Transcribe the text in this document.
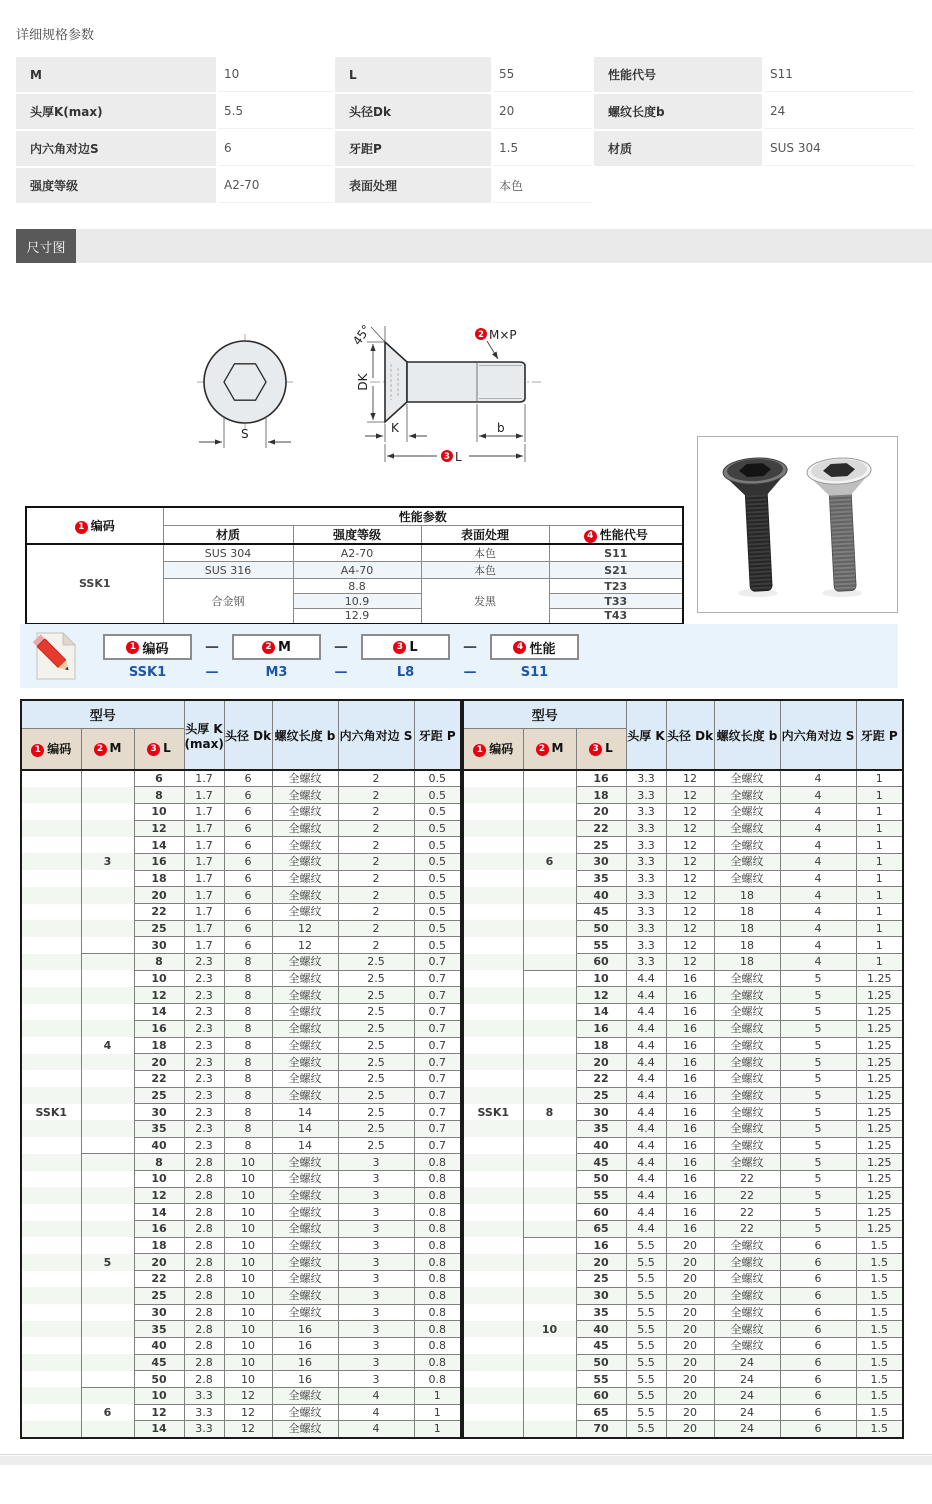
详细规格参数
M	10	L	55	性能代号	S11
头厚K(max)	5.5	头径Dk	20	螺纹长度b	24
内六角对边S	6	牙距P	1.5	材质	SUS 304
强度等级	A2-70	表面处理	本色
尺寸图
S
45°
DK
K	b
3 L
2 M×P
1 编码	性能参数			
	材质	强度等级	表面处理	4 性能代号
SSK1	SUS 304	A2-70	本色	S11
	SUS 316	A4-70	本色	S21
	合金钢	8.8	发黑	T23
		10.9		T33
		12.9		T43
1 编码	—	2 M	—	3 L	—	4 性能
SSK1	—	M3	—	L8	—	S11
型号			头厚 K
(max)	头径 Dk	螺纹长度 b	内六角对边 S	牙距 P
1 编码	2 M	3 L					
		6	1.7	6	全螺纹	2	0.5
		8	1.7	6	全螺纹	2	0.5
		10	1.7	6	全螺纹	2	0.5
		12	1.7	6	全螺纹	2	0.5
		14	1.7	6	全螺纹	2	0.5
	3	16	1.7	6	全螺纹	2	0.5
		18	1.7	6	全螺纹	2	0.5
		20	1.7	6	全螺纹	2	0.5
		22	1.7	6	全螺纹	2	0.5
		25	1.7	6	12	2	0.5
		30	1.7	6	12	2	0.5
		8	2.3	8	全螺纹	2.5	0.7
		10	2.3	8	全螺纹	2.5	0.7
		12	2.3	8	全螺纹	2.5	0.7
		14	2.3	8	全螺纹	2.5	0.7
		16	2.3	8	全螺纹	2.5	0.7
	4	18	2.3	8	全螺纹	2.5	0.7
		20	2.3	8	全螺纹	2.5	0.7
		22	2.3	8	全螺纹	2.5	0.7
		25	2.3	8	全螺纹	2.5	0.7
SSK1		30	2.3	8	14	2.5	0.7
		35	2.3	8	14	2.5	0.7
		40	2.3	8	14	2.5	0.7
		8	2.8	10	全螺纹	3	0.8
		10	2.8	10	全螺纹	3	0.8
		12	2.8	10	全螺纹	3	0.8
		14	2.8	10	全螺纹	3	0.8
		16	2.8	10	全螺纹	3	0.8
		18	2.8	10	全螺纹	3	0.8
	5	20	2.8	10	全螺纹	3	0.8
		22	2.8	10	全螺纹	3	0.8
		25	2.8	10	全螺纹	3	0.8
		30	2.8	10	全螺纹	3	0.8
		35	2.8	10	16	3	0.8
		40	2.8	10	16	3	0.8
		45	2.8	10	16	3	0.8
		50	2.8	10	16	3	0.8
		10	3.3	12	全螺纹	4	1
	6	12	3.3	12	全螺纹	4	1
		14	3.3	12	全螺纹	4	1
型号			头厚 K	头径 Dk	螺纹长度 b	内六角对边 S	牙距 P
1 编码	2 M	3 L					
		16	3.3	12	全螺纹	4	1
		18	3.3	12	全螺纹	4	1
		20	3.3	12	全螺纹	4	1
		22	3.3	12	全螺纹	4	1
		25	3.3	12	全螺纹	4	1
	6	30	3.3	12	全螺纹	4	1
		35	3.3	12	全螺纹	4	1
		40	3.3	12	18	4	1
		45	3.3	12	18	4	1
		50	3.3	12	18	4	1
		55	3.3	12	18	4	1
		60	3.3	12	18	4	1
		10	4.4	16	全螺纹	5	1.25
		12	4.4	16	全螺纹	5	1.25
		14	4.4	16	全螺纹	5	1.25
		16	4.4	16	全螺纹	5	1.25
		18	4.4	16	全螺纹	5	1.25
		20	4.4	16	全螺纹	5	1.25
		22	4.4	16	全螺纹	5	1.25
		25	4.4	16	全螺纹	5	1.25
SSK1	8	30	4.4	16	全螺纹	5	1.25
		35	4.4	16	全螺纹	5	1.25
		40	4.4	16	全螺纹	5	1.25
		45	4.4	16	全螺纹	5	1.25
		50	4.4	16	22	5	1.25
		55	4.4	16	22	5	1.25
		60	4.4	16	22	5	1.25
		65	4.4	16	22	5	1.25
		16	5.5	20	全螺纹	6	1.5
		20	5.5	20	全螺纹	6	1.5
		25	5.5	20	全螺纹	6	1.5
		30	5.5	20	全螺纹	6	1.5
		35	5.5	20	全螺纹	6	1.5
	10	40	5.5	20	全螺纹	6	1.5
		45	5.5	20	全螺纹	6	1.5
		50	5.5	20	24	6	1.5
		55	5.5	20	24	6	1.5
		60	5.5	20	24	6	1.5
		65	5.5	20	24	6	1.5
		70	5.5	20	24	6	1.5
